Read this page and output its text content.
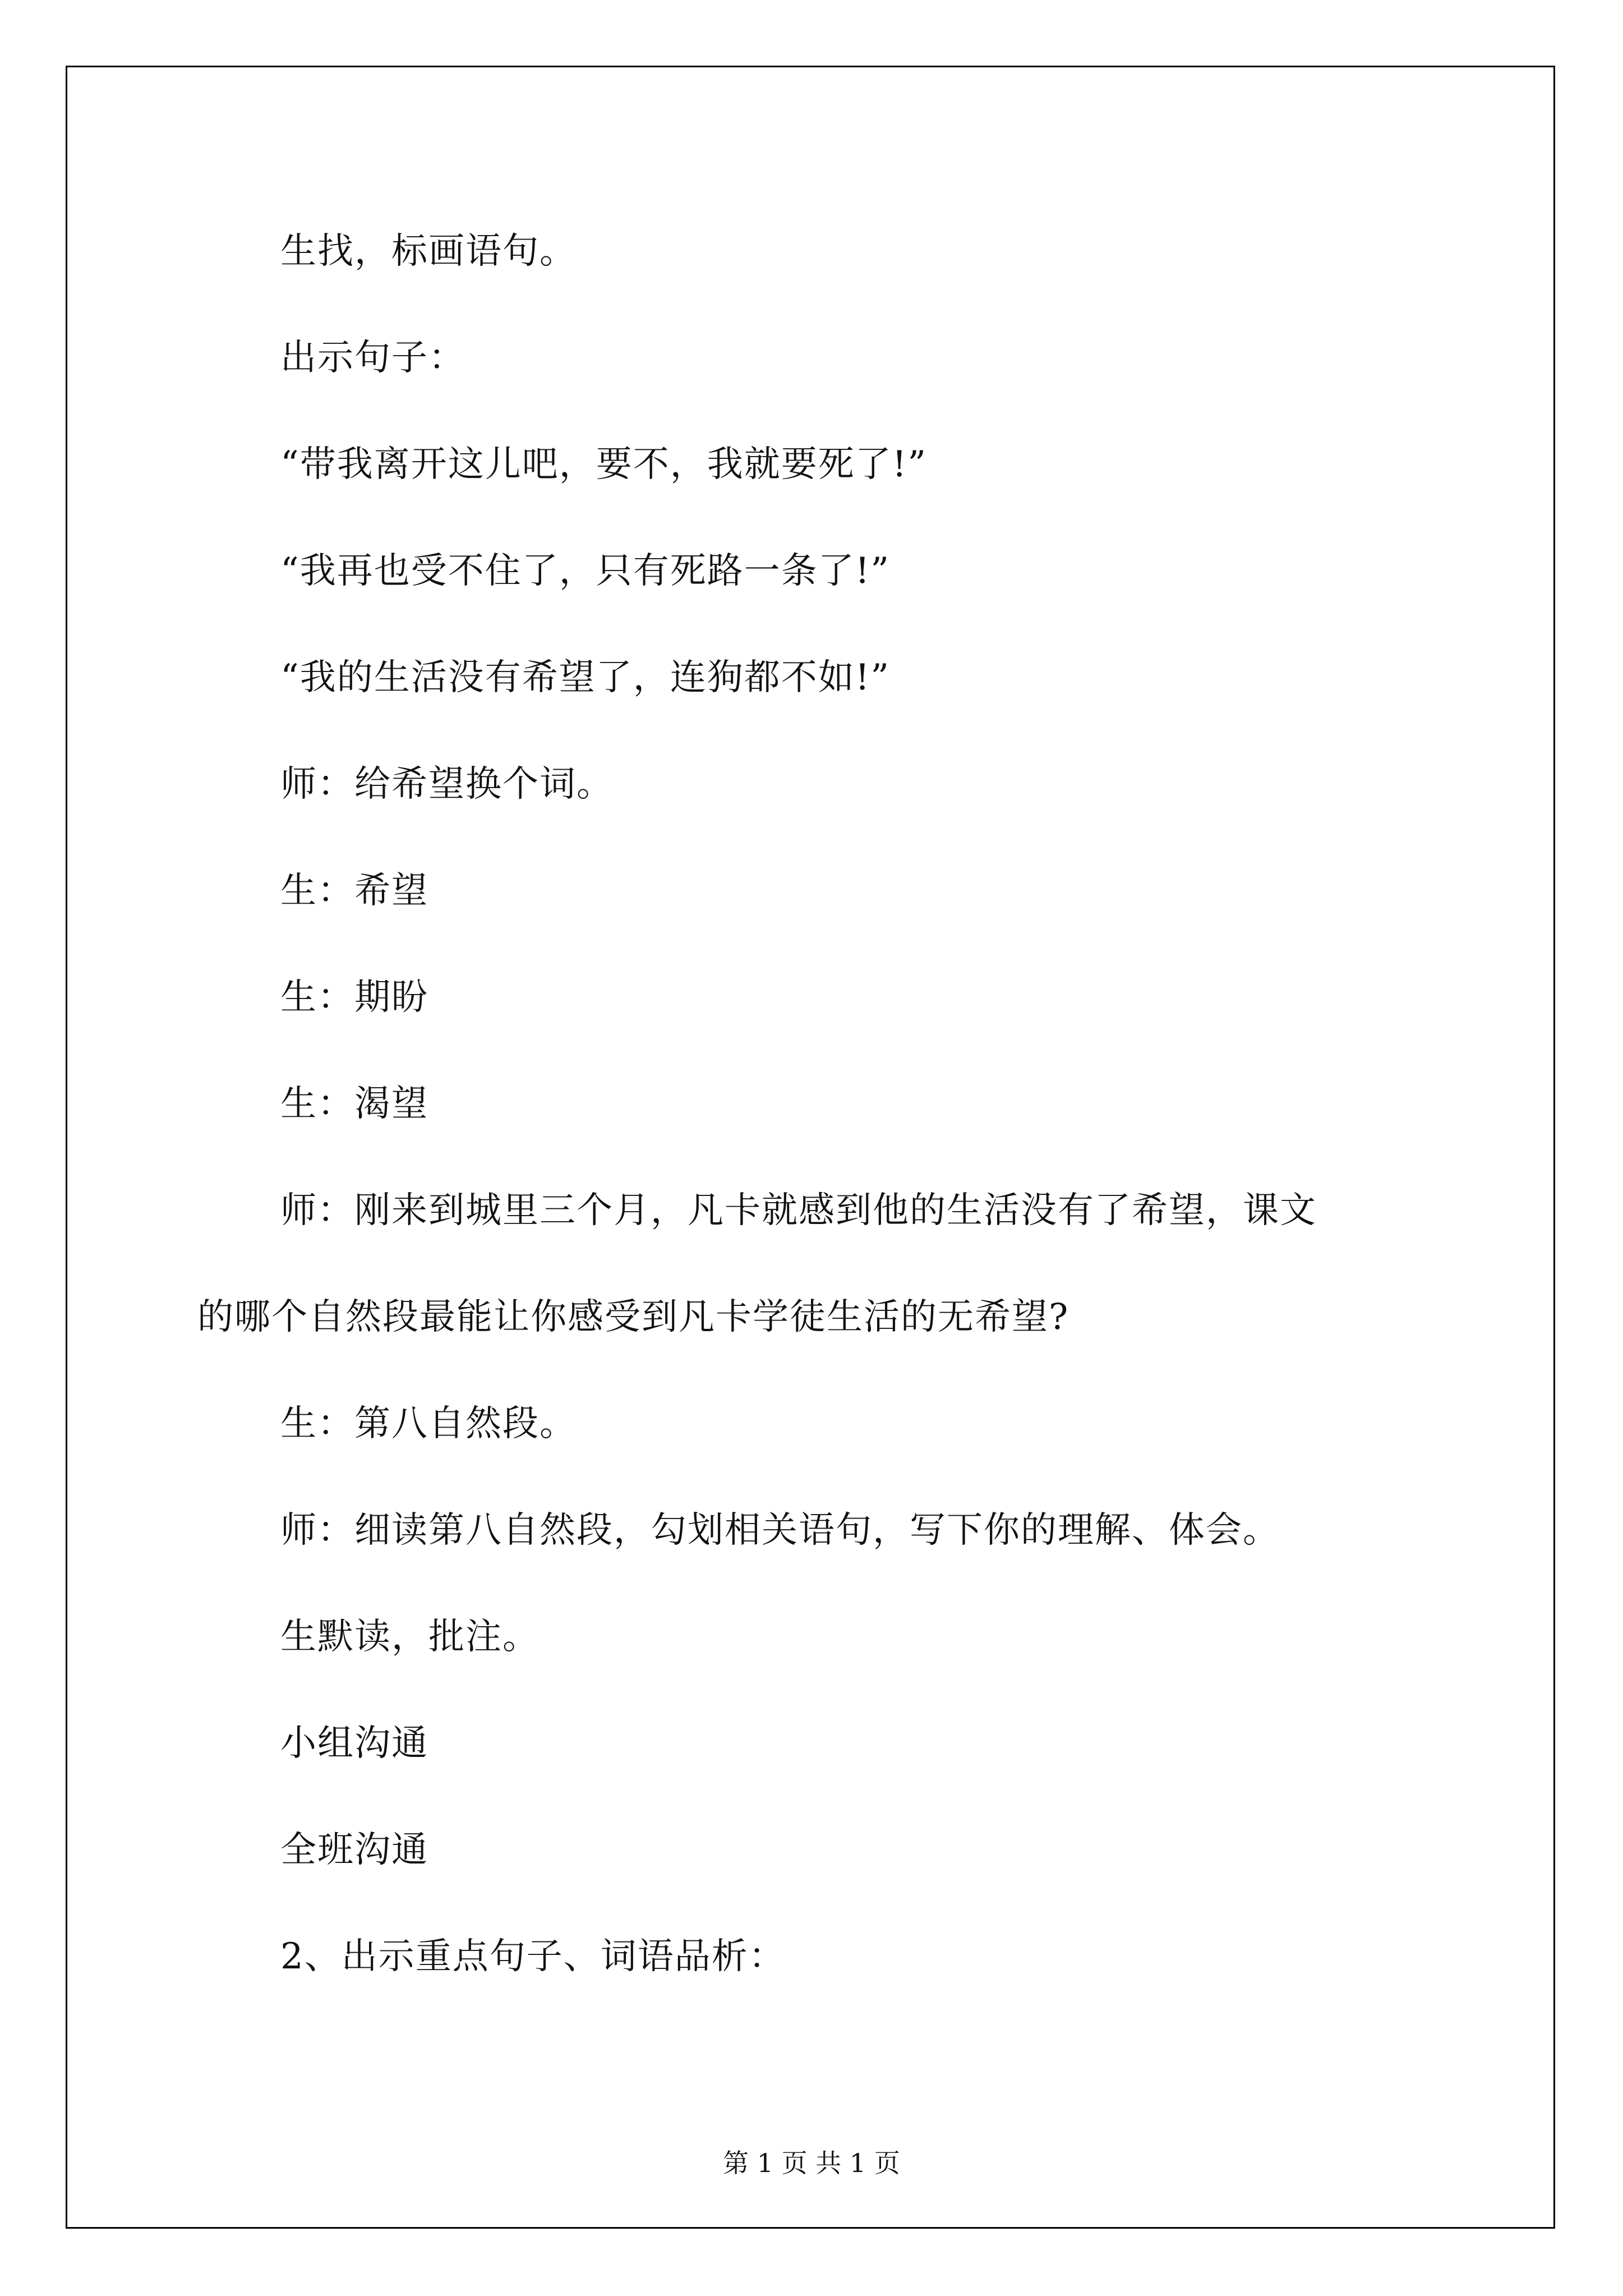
生找，标画语句。

出示句子：

“带我离开这儿吧，要不，我就要死了!”

“我再也受不住了，只有死路一条了!”

“我的生活没有希望了，连狗都不如!”

师：给希望换个词。

生：希望

生：期盼

生：渴望

师：刚来到城里三个月，凡卡就感到他的生活没有了希望，课文

的哪个自然段最能让你感受到凡卡学徒生活的无希望?

生：第八自然段。

师：细读第八自然段，勾划相关语句，写下你的理解、体会。

生默读，批注。

小组沟通

全班沟通

2、出示重点句子、词语品析：

第 1 页 共 1 页
